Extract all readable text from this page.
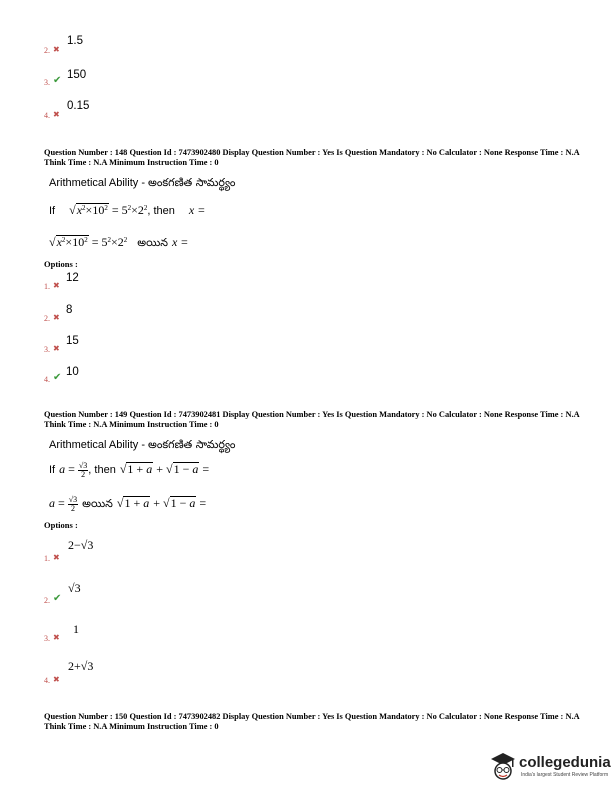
2. ✖
1.5
3. ✔ 150
4. ✖
0.15
Question Number : 148 Question Id : 7473902480 Display Question Number : Yes Is Question Mandatory : No Calculator : None Response Time : N.A Think Time : N.A Minimum Instruction Time : 0
Arithmetical Ability - అంకగణిత సామర్థ్యం
If $√x^2\times 10^2 = 5^2\times 2^2$, then x =
$√x^2\times 10^2 = 5^2\times 2^2$ అయిన x =
Options :
1. ✖
12
2. ✖
8
3. ✖
15
4. ✔ 10
Question Number : 149 Question Id : 7473902481 Display Question Number : Yes Is Question Mandatory : No Calculator : None Response Time : N.A Think Time : N.A Minimum Instruction Time : 0
Arithmetical Ability - అంకగణిత సామర్థ్యం
If $a = \frac{√3}{2}$ , then √1 + a + √1 − a =
$a = \frac{√3}{2}$ అయిన √1 + a + √1 − a =
Options :
1. ✖
2−√3
2. ✔
√3
3. ✖
1
4. ✖
2+√3
Question Number : 150 Question Id : 7473902482 Display Question Number : Yes Is Question Mandatory : No Calculator : None Response Time : N.A Think Time : N.A Minimum Instruction Time : 0
collegedunia
India's largest Student Review Platform
